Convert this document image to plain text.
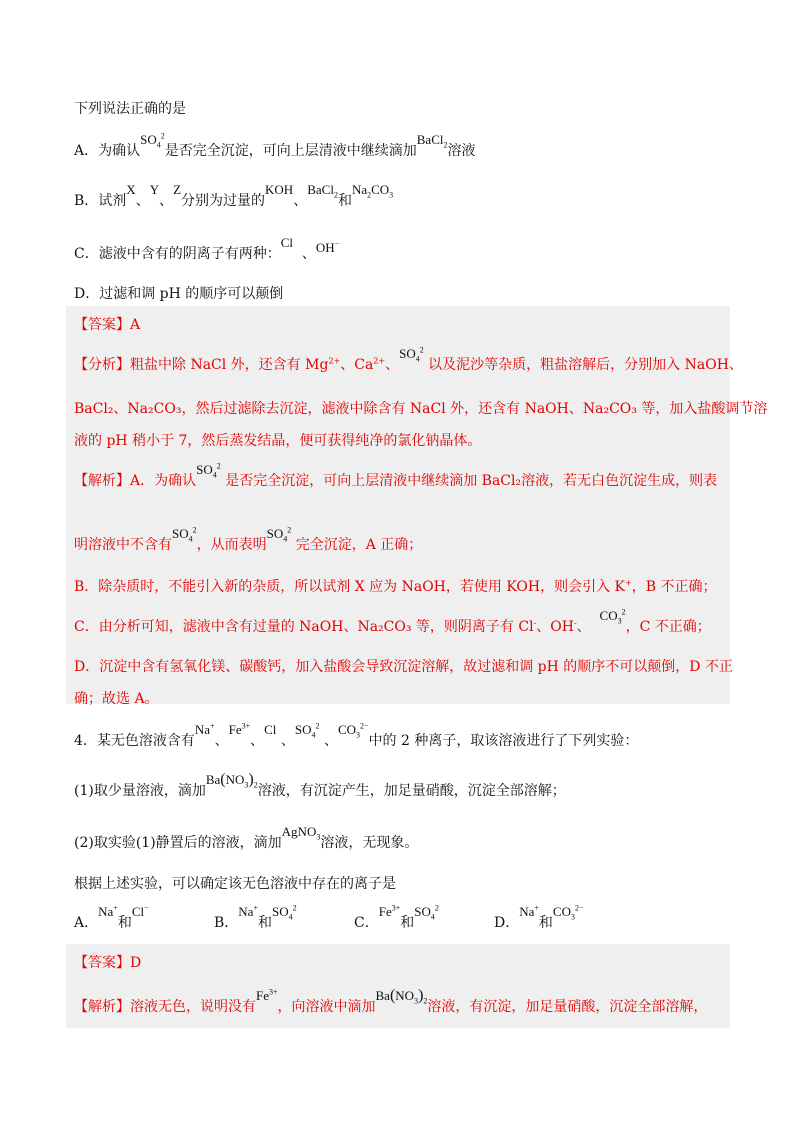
下列说法正确的是
A．为确认$SO_4^2$是否完全沉淀，可向上层清液中继续滴加BaCl$_2$溶液
B．试剂X、Y、Z分别为过量的KOH、BaCl$_2$和$Na_2CO_3$
C．滤液中含有的阴离子有两种：Cl  、OH−
D．过滤和调 pH 的顺序可以颠倒
【答案】A
【分析】粗盐中除 NaCl 外，还含有 $Mg^{2+}$、$Ca^{2+}$、$SO_4^2$ 以及泥沙等杂质，粗盐溶解后，分别加入 NaOH、
BaCl₂、Na₂CO₃，然后过滤除去沉淀，滤液中除含有 NaCl 外，还含有 NaOH、Na₂CO₃ 等，加入盐酸调节溶
液的 pH 稍小于 7，然后蒸发结晶，便可获得纯净的氯化钠晶体。
【解析】A．为确认$SO_4^2$ 是否完全沉淀，可向上层清液中继续滴加 BaCl₂溶液，若无白色沉淀生成，则表
明溶液中不含有$SO_4^2$，从而表明$SO_4^2$ 完全沉淀，A 正确；
B．除杂质时，不能引入新的杂质，所以试剂 X 应为 NaOH，若使用 KOH，则会引入 K+，B 不正确；
C．由分析可知，滤液中含有过量的 NaOH、Na₂CO₃ 等，则阴离子有 Cl-、OH-、  $CO_3^2$，C 不正确；
D．沉淀中含有氢氧化镁、碳酸钙，加入盐酸会导致沉淀溶解，故过滤和调 pH 的顺序不可以颠倒，D 不正
确；故选 A。
4．某无色溶液含有Na+、$Fe^{3+}$、Cl 、$SO_4^2$ 、$CO_3^{2-}$中的 2 种离子，取该溶液进行了下列实验：
(1)取少量溶液，滴加$Ba(NO_3)_2$溶液，有沉淀产生，加足量硝酸，沉淀全部溶解；
(2)取实验(1)静置后的溶液，滴加AgNO$_3$溶液，无现象。
根据上述实验，可以确定该无色溶液中存在的离子是
A．Na+和Cl−
B．Na+和$SO_4^2$
C．$Fe^{3+}$和$SO_4^2$
D．Na+和$CO_3^{2-}$
【答案】D
【解析】溶液无色，说明没有$Fe^{3+}$，向溶液中滴加$Ba(NO_3)_2$溶液，有沉淀，加足量硝酸，沉淀全部溶解，
